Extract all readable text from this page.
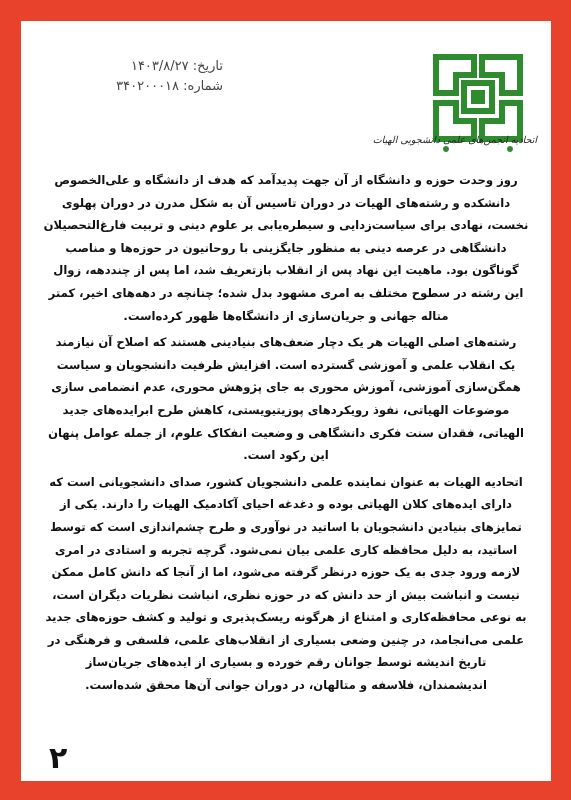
تاریخ: ۱۴۰۳/۸/۲۷
شماره: ۳۴۰۲۰۰۰۱۸
اتحادیه انجمن‌های علمی دانشجویی الهیات

روز وحدت حوزه و دانشگاه از آن جهت پدیدآمد که هدف از دانشگاه و علی‌الخصوص
دانشکده و رشته‌های الهیات در دوران تاسیس آن به شکل مدرن در دوران پهلوی
نخست، نهادی برای سیاست‌زدایی و سیطره‌یابی بر علوم دینی و تربیت فارغ‌التحصیلان
دانشگاهی در عرصه دینی به منظور جایگزینی با روحانیون در حوزه‌ها و مناصب
گوناگون بود. ماهیت این نهاد پس از انقلاب بازتعریف شد، اما پس از چنددهه، زوال
این رشته در سطوح مختلف به امری مشهود بدل شده؛ چنانچه در دهه‌های اخیر، کمتر
متاله جهانی و جریان‌سازی از دانشگاه‌ها ظهور کرده‌است.

رشته‌های اصلی الهیات هر یک دچار ضعف‌های بنیادینی هستند که اصلاح آن نیازمند
یک انقلاب علمی و آموزشی گسترده است. افزایش ظرفیت دانشجویان و سیاست
همگن‌سازی آموزشی، آموزش محوری به جای پژوهش محوری، عدم انضمامی سازی
موضوعات الهیاتی، نفوذ رویکردهای پوزیتیویستی، کاهش طرح ابرایده‌های جدید
الهیاتی، فقدان سنت فکری دانشگاهی و وضعیت انفکاک علوم، از جمله عوامل پنهان
این رکود است.

اتحادیه الهیات به عنوان نماینده علمی دانشجویان کشور، صدای دانشجویانی است که
دارای ایده‌های کلان الهیاتی بوده و دغدغه احیای آکادمیک الهیات را دارند. یکی از
تمایزهای بنیادین دانشجویان با اساتید در نوآوری و طرح چشم‌اندازی است که توسط
اساتید، به دلیل محافظه کاری علمی بیان نمی‌شود. گرچه تجربه و استادی در امری
لازمه ورود جدی به یک حوزه درنظر گرفته می‌شود، اما از آنجا که دانش کامل ممکن
نیست و انباشت بیش از حد دانش که در حوزه نظری، انباشت نظریات دیگران است،
به نوعی محافظه‌کاری و امتناع از هرگونه ریسک‌پذیری و تولید و کشف حوزه‌های جدید
علمی می‌انجامد، در چنین وضعی بسیاری از انقلاب‌های علمی، فلسفی و فرهنگی در
تاریخ اندیشه توسط جوانان رقم خورده و بسیاری از ایده‌های جریان‌ساز
اندیشمندان، فلاسفه و متالهان، در دوران جوانی آن‌ها محقق شده‌است.

۲
